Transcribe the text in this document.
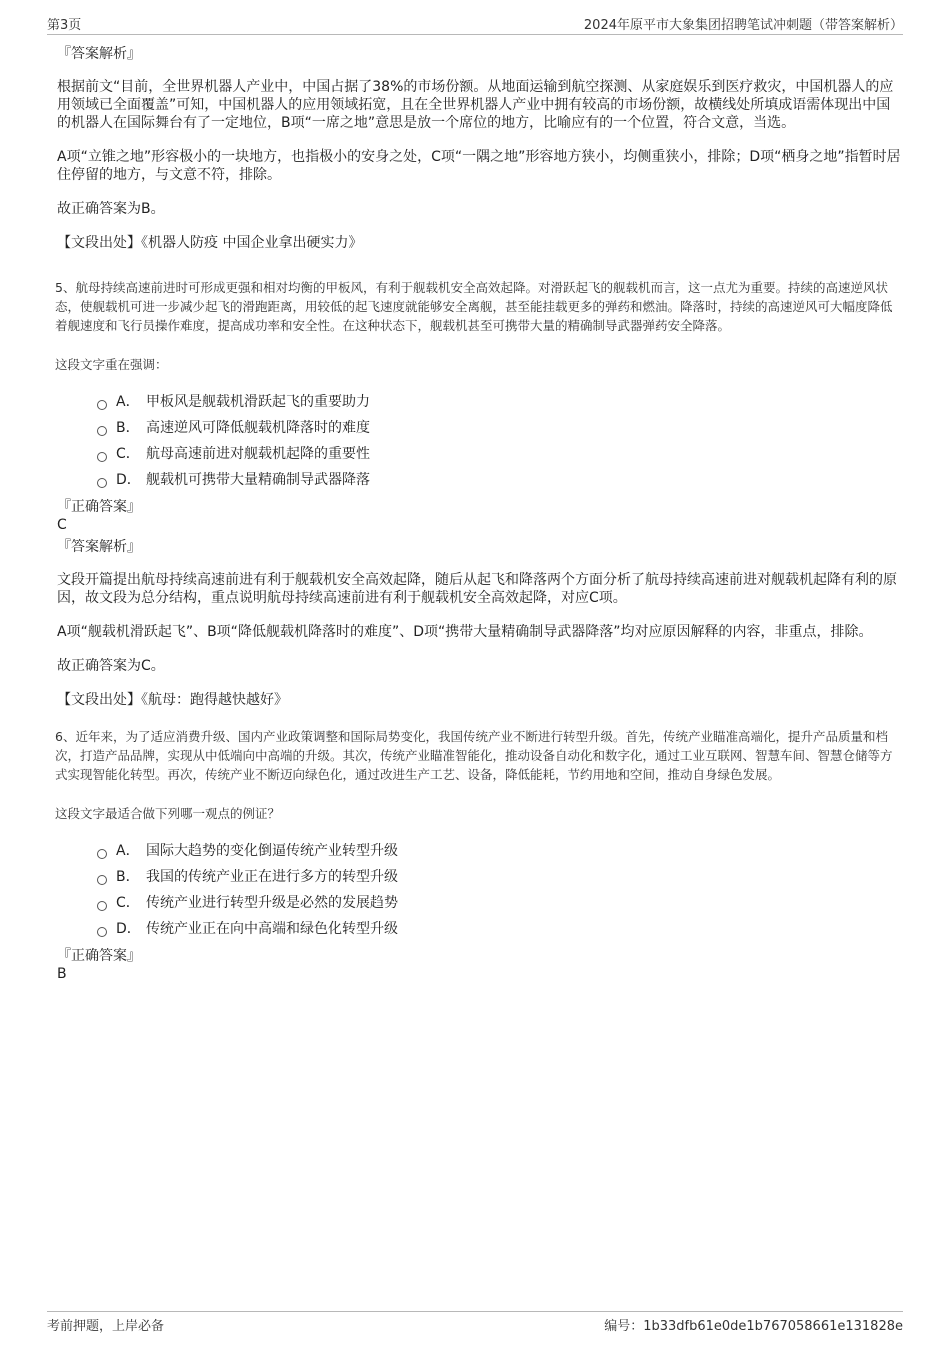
第3页	2024年原平市大象集团招聘笔试冲刺题（带答案解析）
『答案解析』

根据前文“目前，全世界机器人产业中，中国占据了38%的市场份额。从地面运输到航空探测、从家庭娱乐到医疗救灾，中国机器人的应用领域已全面覆盖”可知，中国机器人的应用领域拓宽，且在全世界机器人产业中拥有较高的市场份额，故横线处所填成语需体现出中国的机器人在国际舞台有了一定地位，B项“一席之地”意思是放一个席位的地方，比喻应有的一个位置，符合文意，当选。

A项“立锥之地”形容极小的一块地方，也指极小的安身之处，C项“一隅之地”形容地方狭小，均侧重狭小，排除；D项“栖身之地”指暂时居住停留的地方，与文意不符，排除。

故正确答案为B。

【文段出处】《机器人防疫 中国企业拿出硬实力》
5、航母持续高速前进时可形成更强和相对均衡的甲板风，有利于舰载机安全高效起降。对滑跃起飞的舰载机而言，这一点尤为重要。持续的高速逆风状态，使舰载机可进一步减少起飞的滑跑距离，用较低的起飞速度就能够安全离舰，甚至能挂载更多的弹药和燃油。降落时，持续的高速逆风可大幅度降低着舰速度和飞行员操作难度，提高成功率和安全性。在这种状态下，舰载机甚至可携带大量的精确制导武器弹药安全降落。
这段文字重在强调：
A． 甲板风是舰载机滑跃起飞的重要助力
B． 高速逆风可降低舰载机降落时的难度
C． 航母高速前进对舰载机起降的重要性
D． 舰载机可携带大量精确制导武器降落
『正确答案』
C
『答案解析』

文段开篇提出航母持续高速前进有利于舰载机安全高效起降，随后从起飞和降落两个方面分析了航母持续高速前进对舰载机起降有利的原因，故文段为总分结构，重点说明航母持续高速前进有利于舰载机安全高效起降，对应C项。

A项“舰载机滑跃起飞”、B项“降低舰载机降落时的难度”、D项“携带大量精确制导武器降落”均对应原因解释的内容，非重点，排除。

故正确答案为C。

【文段出处】《航母：跑得越快越好》
6、近年来，为了适应消费升级、国内产业政策调整和国际局势变化，我国传统产业不断进行转型升级。首先，传统产业瞄准高端化，提升产品质量和档次，打造产品品牌，实现从中低端向中高端的升级。其次，传统产业瞄准智能化，推动设备自动化和数字化，通过工业互联网、智慧车间、智慧仓储等方式实现智能化转型。再次，传统产业不断迈向绿色化，通过改进生产工艺、设备，降低能耗，节约用地和空间，推动自身绿色发展。
这段文字最适合做下列哪一观点的例证？
A． 国际大趋势的变化倒逼传统产业转型升级
B． 我国的传统产业正在进行多方的转型升级
C． 传统产业进行转型升级是必然的发展趋势
D． 传统产业正在向中高端和绿色化转型升级
『正确答案』
B
考前押题，上岸必备	编号：1b33dfb61e0de1b767058661e131828e
